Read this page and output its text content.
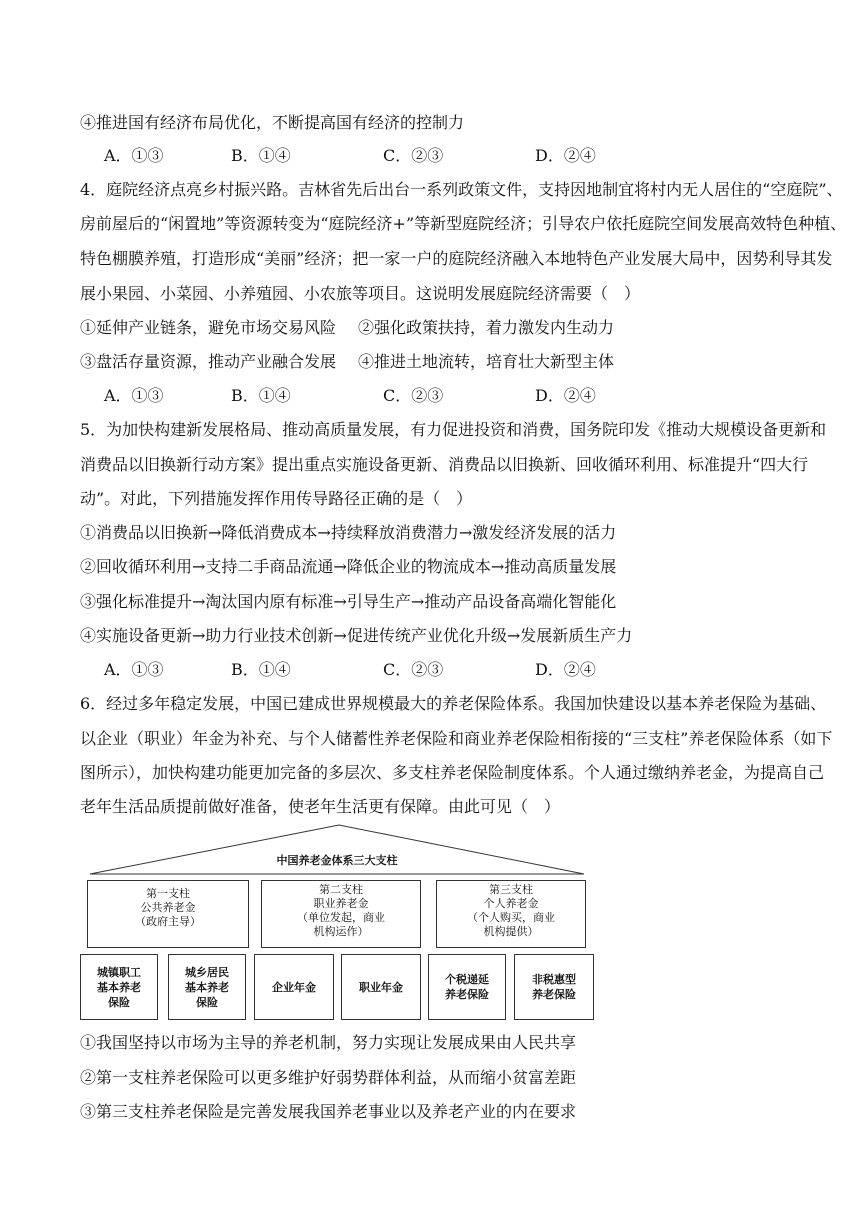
④推进国有经济布局优化，不断提高国有经济的控制力
A．①③	B．①④	C．②③	D．②④
4．庭院经济点亮乡村振兴路。吉林省先后出台一系列政策文件，支持因地制宜将村内无人居住的“空庭院”、
房前屋后的“闲置地”等资源转变为“庭院经济+”等新型庭院经济；引导农户依托庭院空间发展高效特色种植、
特色棚膜养殖，打造形成“美丽”经济；把一家一户的庭院经济融入本地特色产业发展大局中，因势利导其发
展小果园、小菜园、小养殖园、小农旅等项目。这说明发展庭院经济需要（　）
①延伸产业链条，避免市场交易风险 ②强化政策扶持，着力激发内生动力
③盘活存量资源，推动产业融合发展 ④推进土地流转，培育壮大新型主体
A．①③	B．①④	C．②③	D．②④
5．为加快构建新发展格局、推动高质量发展，有力促进投资和消费，国务院印发《推动大规模设备更新和
消费品以旧换新行动方案》提出重点实施设备更新、消费品以旧换新、回收循环利用、标准提升“四大行
动”。对此，下列措施发挥作用传导路径正确的是（　）
①消费品以旧换新→降低消费成本→持续释放消费潜力→激发经济发展的活力
②回收循环利用→支持二手商品流通→降低企业的物流成本→推动高质量发展
③强化标准提升→淘汰国内原有标准→引导生产→推动产品设备高端化智能化
④实施设备更新→助力行业技术创新→促进传统产业优化升级→发展新质生产力
A．①③	B．①④	C．②③	D．②④
6．经过多年稳定发展，中国已建成世界规模最大的养老保险体系。我国加快建设以基本养老保险为基础、
以企业（职业）年金为补充、与个人储蓄性养老保险和商业养老保险相衔接的“三支柱”养老保险体系（如下
图所示），加快构建功能更加完备的多层次、多支柱养老保险制度体系。个人通过缴纳养老金，为提高自己
老年生活品质提前做好准备，使老年生活更有保障。由此可见（　）
中国养老金体系三大支柱
第一支柱
公共养老金
（政府主导）
第二支柱
职业养老金
（单位发起，商业
机构运作）
第三支柱
个人养老金
（个人购买，商业
机构提供）
城镇职工
基本养老
保险
城乡居民
基本养老
保险
企业年金	职业年金
个税递延
养老保险
非税惠型
养老保险
①我国坚持以市场为主导的养老机制，努力实现让发展成果由人民共享
②第一支柱养老保险可以更多维护好弱势群体利益，从而缩小贫富差距
③第三支柱养老保险是完善发展我国养老事业以及养老产业的内在要求
